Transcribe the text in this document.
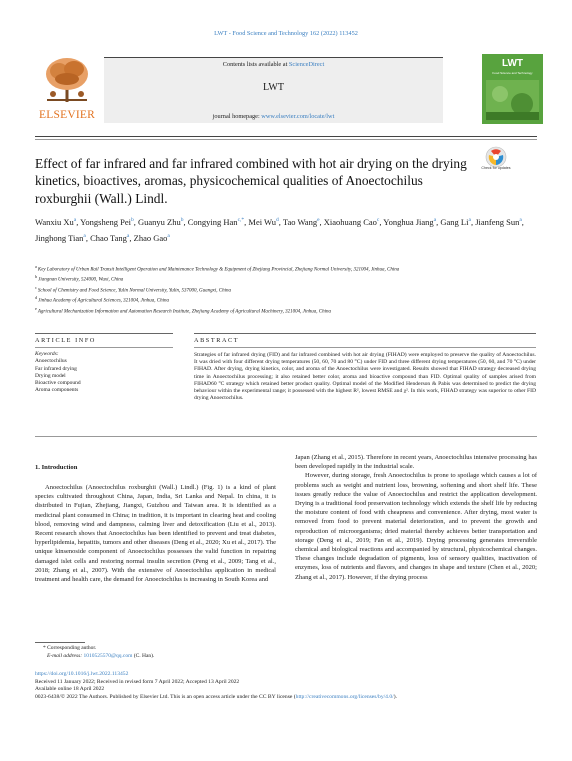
LWT - Food Science and Technology 162 (2022) 113452
ELSEVIER
Contents lists available at ScienceDirect
LWT
journal homepage: www.elsevier.com/locate/lwt
LWT
Food Science and Technology
Effect of far infrared and far infrared combined with hot air drying on the drying kinetics, bioactives, aromas, physicochemical qualities of Anoectochilus roxburghii (Wall.) Lindl.
Check for updates
Wanxiu Xu$^a$, Yongsheng Pei$^b$, Guanyu Zhu$^b$, Congying Han$^{c,*}$, Mei Wu$^d$, Tao Wang$^e$, Xiaohuang Cao$^c$, Yonghua Jiang$^a$, Gang Li$^a$, Jianfeng Sun$^a$, Jinghong Tian$^a$, Chao Tang$^a$, Zhao Gao$^a$
$^a$Key Laboratory of Urban Rail Transit Intelligent Operation and Maintenance Technology & Equipment of Zhejiang Provincial, Zhejiang Normal University, 321004, Jinhua, China
$^b$Jiangnan University, 524000, Wuxi, China
$^c$School of Chemistry and Food Science, Yulin Normal University, Yulin, 537000, Guangxi, China
$^d$Jinhua Academy of Agricultural Sciences, 321004, Jinhua, China
$^e$Agricultural Mechanization Information and Automation Research Institute, Zhejiang Academy of Agricultural Machinery, 321004, Jinhua, China
ARTICLE INFO	ABSTRACT
Keywords:
Anoectochilus
Far infrared drying
Drying model
Bioactive compound
Aroma components
Strategies of far infrared drying (FID) and far infrared combined with hot air drying (FIHAD) were employed to preserve the quality of Anoectochilus. It was dried with four different drying temperatures (50, 60, 70 and 80 °C) under FID and three different drying temperatures (50, 60, and 70 °C) under FIHAD. After drying, drying kinetics, color, and aroma of the Anoectochilus were investigated. Results showed that FIHAD strategy decreased drying time in Anoectochilus processing; it also retained better color, aroma and bioactive compound than FID. Optimal quality of samples arised from FIHAD60 °C strategy which retained better product quality. Optimal model of the Modified Henderson & Pabis was determined to predict the drying behaviour within the experimental range; it possessed with the highest R², lowest RMSE and χ². In this work, FIHAD strategy was superior to other FID drying Anoectochilus.
1. Introduction

Anoectochilus (Anoectochilus roxburghii (Wall.) Lindl.) (Fig. 1) is a kind of plant species cultivated throughout China, Japan, India, Sri Lanka and Nepal. In china, it is distributed in Fujian, Zhejiang, Jiangxi, Guizhou and Taiwan area. It is identified as a medicinal plant consumed in China; in tradition, it is important in clearing heat and cooling blood, removing wind and dampness, calming liver and detoxification (Liu et al., 2013). Recent research shows that Anoectochilus has been identified to prevent and treat diabetes, hyperlipidemia, hepatitis, tumors and other diseases (Deng et al., 2020; Xu et al., 2017). The unique kinsenoside component of Anoectochilus possesses the valid function in repairing damaged islet cells and restoring normal insulin secretion (Peng et al., 2009; Tang et al., 2018; Zhang et al., 2007). With the extensive of Anoectochilus application in medical treatment and health care, the demand for Anoectochilus is increasing in South Korea and

Japan (Zhang et al., 2015). Therefore in recent years, Anoectochilus intensive processing has been developed rapidly in the industrial scale.

However, during storage, fresh Anoectochilus is prone to spoilage which causes a lot of problems such as weight and nutrient loss, browning, softening and short shelf life. These issues greatly reduce the value of Anoectochilus and restrict the application development. Drying is a traditional food preservation technology which extends the shelf life by reducing the moisture content of food with cheapness and convenience. After drying, most water is removed from food to prevent material deterioration, and to prevent the growth and reproduction of microorganisms; dried material thereby achieves better transportation and storage (Deng et al., 2019; Fan et al., 2019). Drying processing generates irreversible chemical and biological reactions and accompanied by structural, physicochemical changes. These changes include degradation of pigments, loss of sensory qualities, inactivation of enzymes, loss of nutrients and flavors, and changes in shape and texture (Chen et al., 2020; Zhang et al., 2017). However, if the drying process

* Corresponding author.
E-mail address: 1010525570@qq.com (C. Han).
https://doi.org/10.1016/j.lwt.2022.113452
Received 11 January 2022; Received in revised form 7 April 2022; Accepted 13 April 2022
Available online 18 April 2022
0023-6438/© 2022 The Authors. Published by Elsevier Ltd. This is an open access article under the CC BY license (http://creativecommons.org/licenses/by/4.0/).
